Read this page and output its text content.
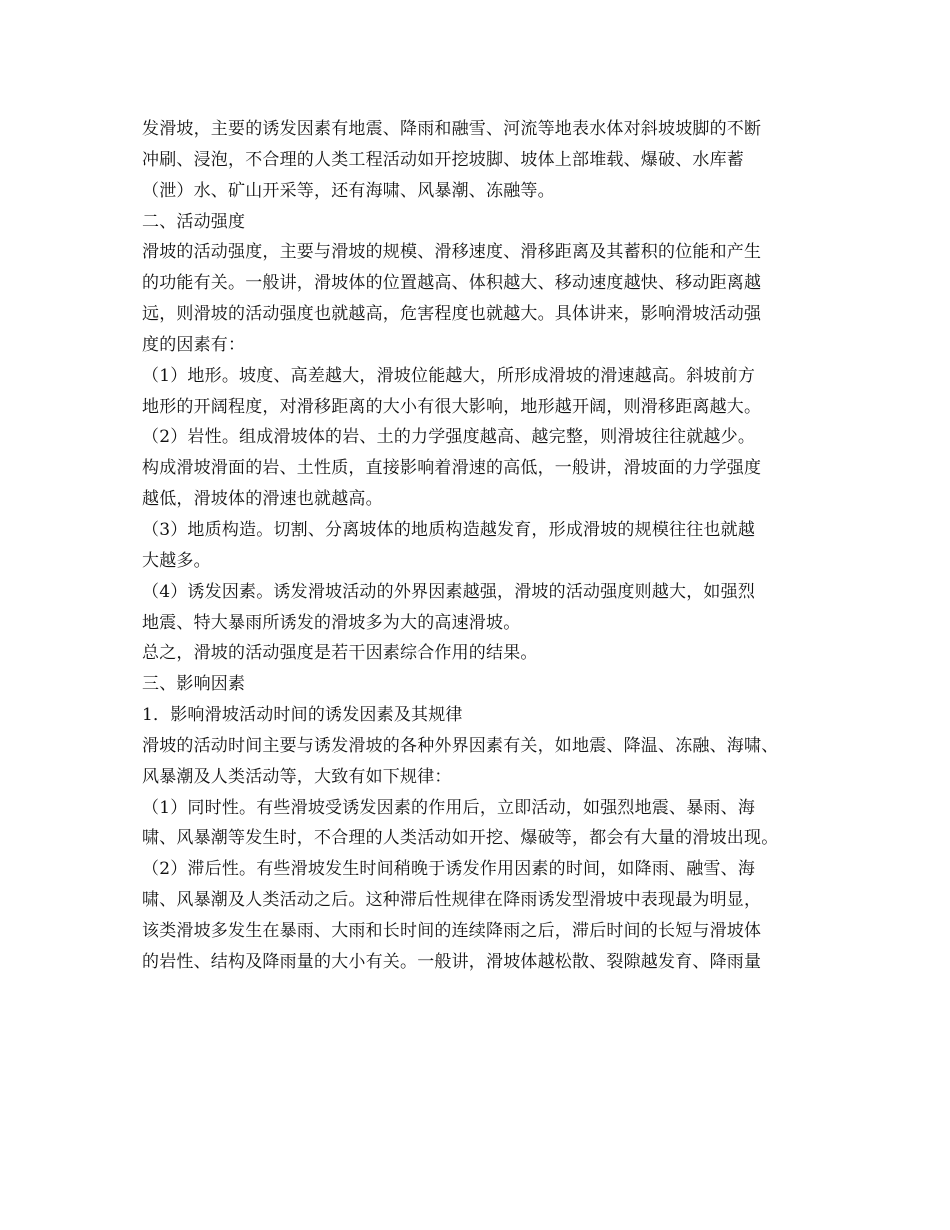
发滑坡，主要的诱发因素有地震、降雨和融雪、河流等地表水体对斜坡坡脚的不断
冲刷、浸泡，不合理的人类工程活动如开挖坡脚、坡体上部堆载、爆破、水库蓄
（泄）水、矿山开采等，还有海啸、风暴潮、冻融等。
二、活动强度
滑坡的活动强度，主要与滑坡的规模、滑移速度、滑移距离及其蓄积的位能和产生
的功能有关。一般讲，滑坡体的位置越高、体积越大、移动速度越快、移动距离越
远，则滑坡的活动强度也就越高，危害程度也就越大。具体讲来，影响滑坡活动强
度的因素有：
（1）地形。坡度、高差越大，滑坡位能越大，所形成滑坡的滑速越高。斜坡前方
地形的开阔程度，对滑移距离的大小有很大影响，地形越开阔，则滑移距离越大。
（2）岩性。组成滑坡体的岩、土的力学强度越高、越完整，则滑坡往往就越少。
构成滑坡滑面的岩、土性质，直接影响着滑速的高低，一般讲，滑坡面的力学强度
越低，滑坡体的滑速也就越高。
（3）地质构造。切割、分离坡体的地质构造越发育，形成滑坡的规模往往也就越
大越多。
（4）诱发因素。诱发滑坡活动的外界因素越强，滑坡的活动强度则越大，如强烈
地震、特大暴雨所诱发的滑坡多为大的高速滑坡。
总之，滑坡的活动强度是若干因素综合作用的结果。
三、影响因素
1．影响滑坡活动时间的诱发因素及其规律
滑坡的活动时间主要与诱发滑坡的各种外界因素有关，如地震、降温、冻融、海啸、
风暴潮及人类活动等，大致有如下规律：
（1）同时性。有些滑坡受诱发因素的作用后，立即活动，如强烈地震、暴雨、海
啸、风暴潮等发生时，不合理的人类活动如开挖、爆破等，都会有大量的滑坡出现。
（2）滞后性。有些滑坡发生时间稍晚于诱发作用因素的时间，如降雨、融雪、海
啸、风暴潮及人类活动之后。这种滞后性规律在降雨诱发型滑坡中表现最为明显，
该类滑坡多发生在暴雨、大雨和长时间的连续降雨之后，滞后时间的长短与滑坡体
的岩性、结构及降雨量的大小有关。一般讲，滑坡体越松散、裂隙越发育、降雨量
